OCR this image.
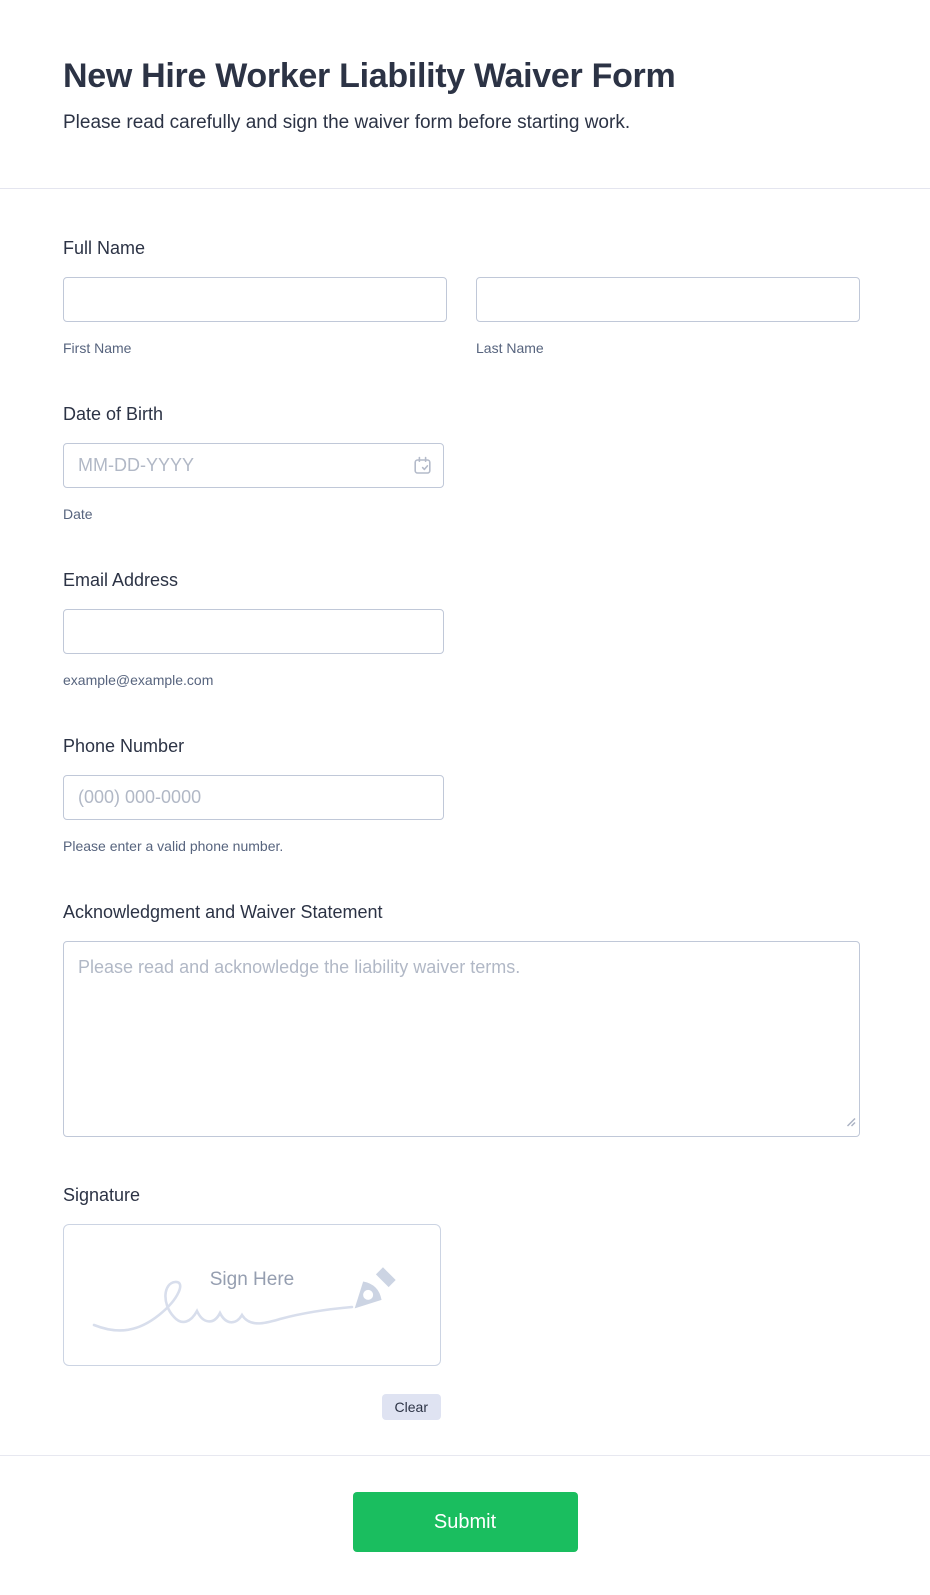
New Hire Worker Liability Waiver Form

Please read carefully and sign the waiver form before starting work.

Full Name
First Name	Last Name
Date of Birth
MM-DD-YYYY
Date
Email Address
example@example.com
Phone Number
(000) 000-0000
Please enter a valid phone number.
Acknowledgment and Waiver Statement
Please read and acknowledge the liability waiver terms.
Signature
Sign Here
Clear
Submit
